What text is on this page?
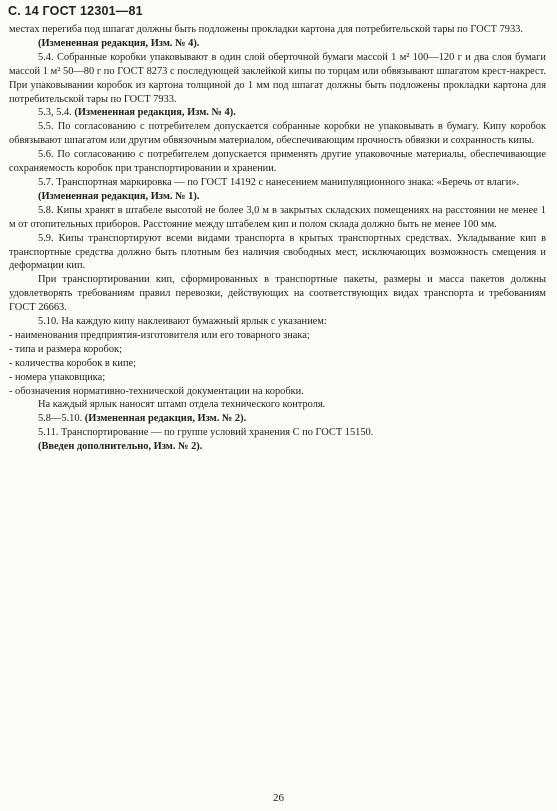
С. 14 ГОСТ 12301—81

местах перегиба под шпагат должны быть подложены прокладки картона для потребительской тары по ГОСТ 7933.

(Измененная редакция, Изм. № 4).

5.4. Собранные коробки упаковывают в один слой оберточной бумаги массой 1 м² 100—120 г и два слоя бумаги массой 1 м² 50—80 г по ГОСТ 8273 с последующей заклейкой кипы по торцам или обвязывают шпагатом крест-накрест. При упаковывании коробок из картона толщиной до 1 мм под шпагат должны быть подложены прокладки картона для потребительской тары по ГОСТ 7933.

5.3, 5.4. (Измененная редакция, Изм. № 4).

5.5. По согласованию с потребителем допускается собранные коробки не упаковывать в бумагу. Кипу коробок обвязывают шпагатом или другим обвязочным материалом, обеспечивающим прочность обвязки и сохранность кипы.

5.6. По согласованию с потребителем допускается применять другие упаковочные материалы, обеспечивающие сохраняемость коробок при транспортировании и хранении.

5.7. Транспортная маркировка — по ГОСТ 14192 с нанесением манипуляционного знака: «Беречь от влаги».

(Измененная редакция, Изм. № 1).

5.8. Кипы хранят в штабеле высотой не более 3,0 м в закрытых складских помещениях на расстоянии не менее 1 м от отопительных приборов. Расстояние между штабелем кип и полом склада должно быть не менее 100 мм.

5.9. Кипы транспортируют всеми видами транспорта в крытых транспортных средствах. Укладывание кип в транспортные средства должно быть плотным без наличия свободных мест, исключающих возможность смещения и деформации кип.

При транспортировании кип, сформированных в транспортные пакеты, размеры и масса пакетов должны удовлетворять требованиям правил перевозки, действующих на соответствующих видах транспорта и требованиям ГОСТ 26663.

5.10. На каждую кипу наклеивают бумажный ярлык с указанием:

- наименования предприятия-изготовителя или его товарного знака;

- типа и размера коробок;

- количества коробок в кипе;

- номера упаковщика;

- обозначения нормативно-технической документации на коробки.

На каждый ярлык наносят штамп отдела технического контроля.

5.8—5.10. (Измененная редакция, Изм. № 2).

5.11. Транспортирование — по группе условий хранения С по ГОСТ 15150.

(Введен дополнительно, Изм. № 2).

26
